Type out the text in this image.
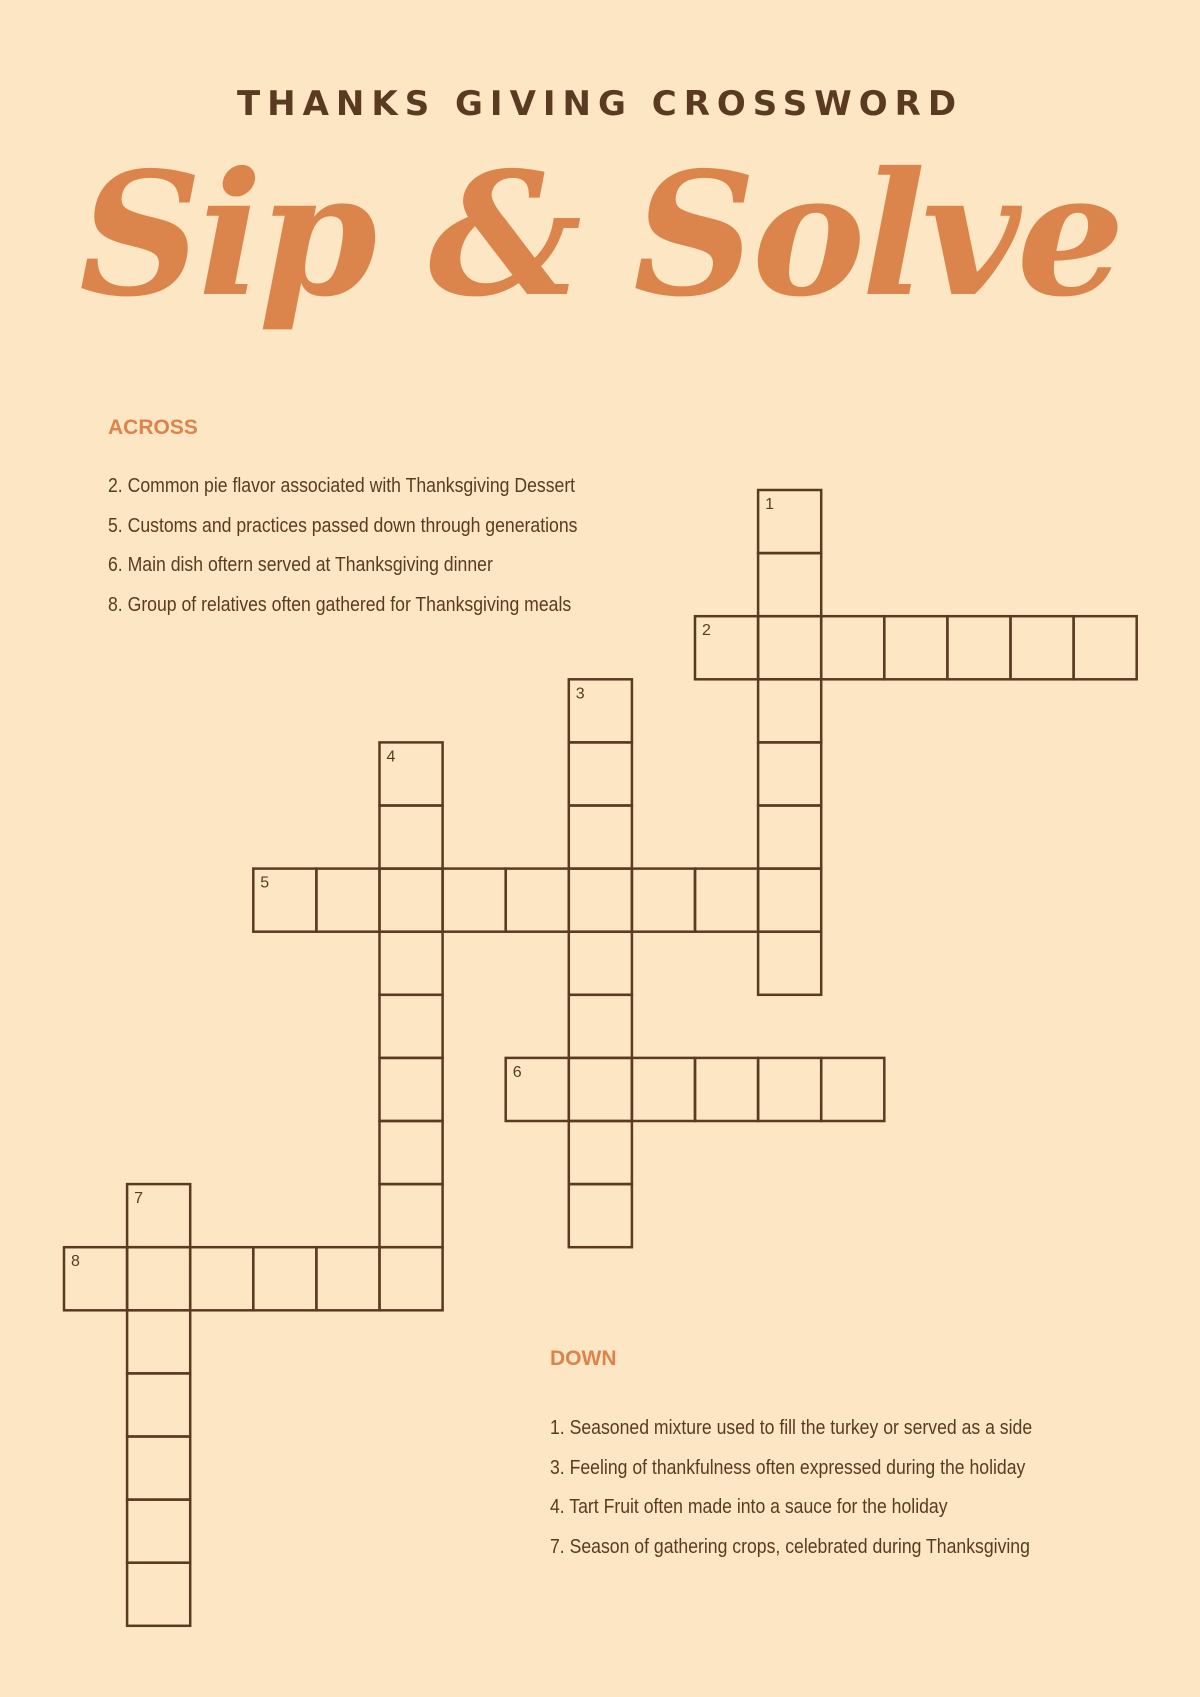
THANKS GIVING CROSSWORD
Sip & Solve
ACROSS
2. Common pie flavor associated with Thanksgiving Dessert
5. Customs and practices passed down through generations
6. Main dish oftern served at Thanksgiving dinner
8. Group of relatives often gathered for Thanksgiving meals
1
2
3
4
5
6
7
8
DOWN
1. Seasoned mixture used to fill the turkey or served as a side
3. Feeling of thankfulness often expressed during the holiday
4. Tart Fruit often made into a sauce for the holiday
7. Season of gathering crops, celebrated during Thanksgiving
